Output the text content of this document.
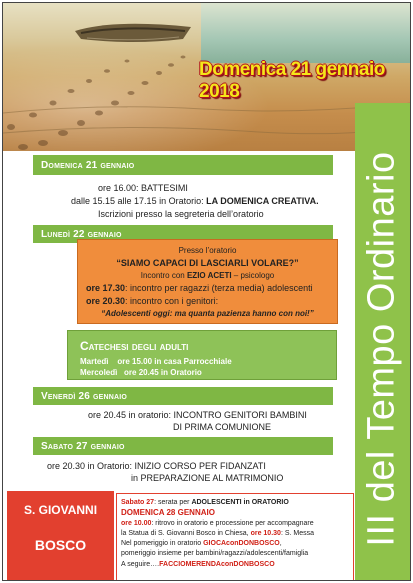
Domenica 21 gennaio 2018
III del Tempo Ordinario
Domenica 21 gennaio
ore 16.00: BATTESIMI
dalle 15.15 alle 17.15 in Oratorio: LA DOMENICA CREATIVA.
Iscrizioni presso la segreteria dell’oratorio
Lunedì 22 gennaio
Presso l’oratorio
“SIAMO CAPACI DI LASCIARLI VOLARE?”
Incontro con EZIO ACETI – psicologo
ore 17.30: incontro per ragazzi (terza media) adolescenti
ore 20.30: incontro con i genitori:
“Adolescenti oggi: ma quanta pazienza hanno con noi!”
Catechesi degli adulti
Martedì ore 15.00 in casa Parrocchiale
Mercoledì ore 20.45 in Oratorio
Venerdì 26 gennaio
ore 20.45 in oratorio: INCONTRO GENITORI BAMBINI
DI PRIMA COMUNIONE
Sabato 27 gennaio
ore 20.30 in Oratorio: INIZIO CORSO PER FIDANZATI
in PREPARAZIONE AL MATRIMONIO
S. GIOVANNI
BOSCO
Sabato 27: serata per ADOLESCENTI in ORATORIO
DOMENICA 28 GENNAIO
ore 10.00: ritrovo in oratorio e processione per accompagnare
la Statua di S. Giovanni Bosco in Chiesa, ore 10.30: S. Messa
Nel pomeriggio in oratorio GIOCAconDONBOSCO,
pomeriggio insieme per bambini/ragazzi/adolescenti/famiglia
A seguire….FACCIOMERENDAconDONBOSCO
